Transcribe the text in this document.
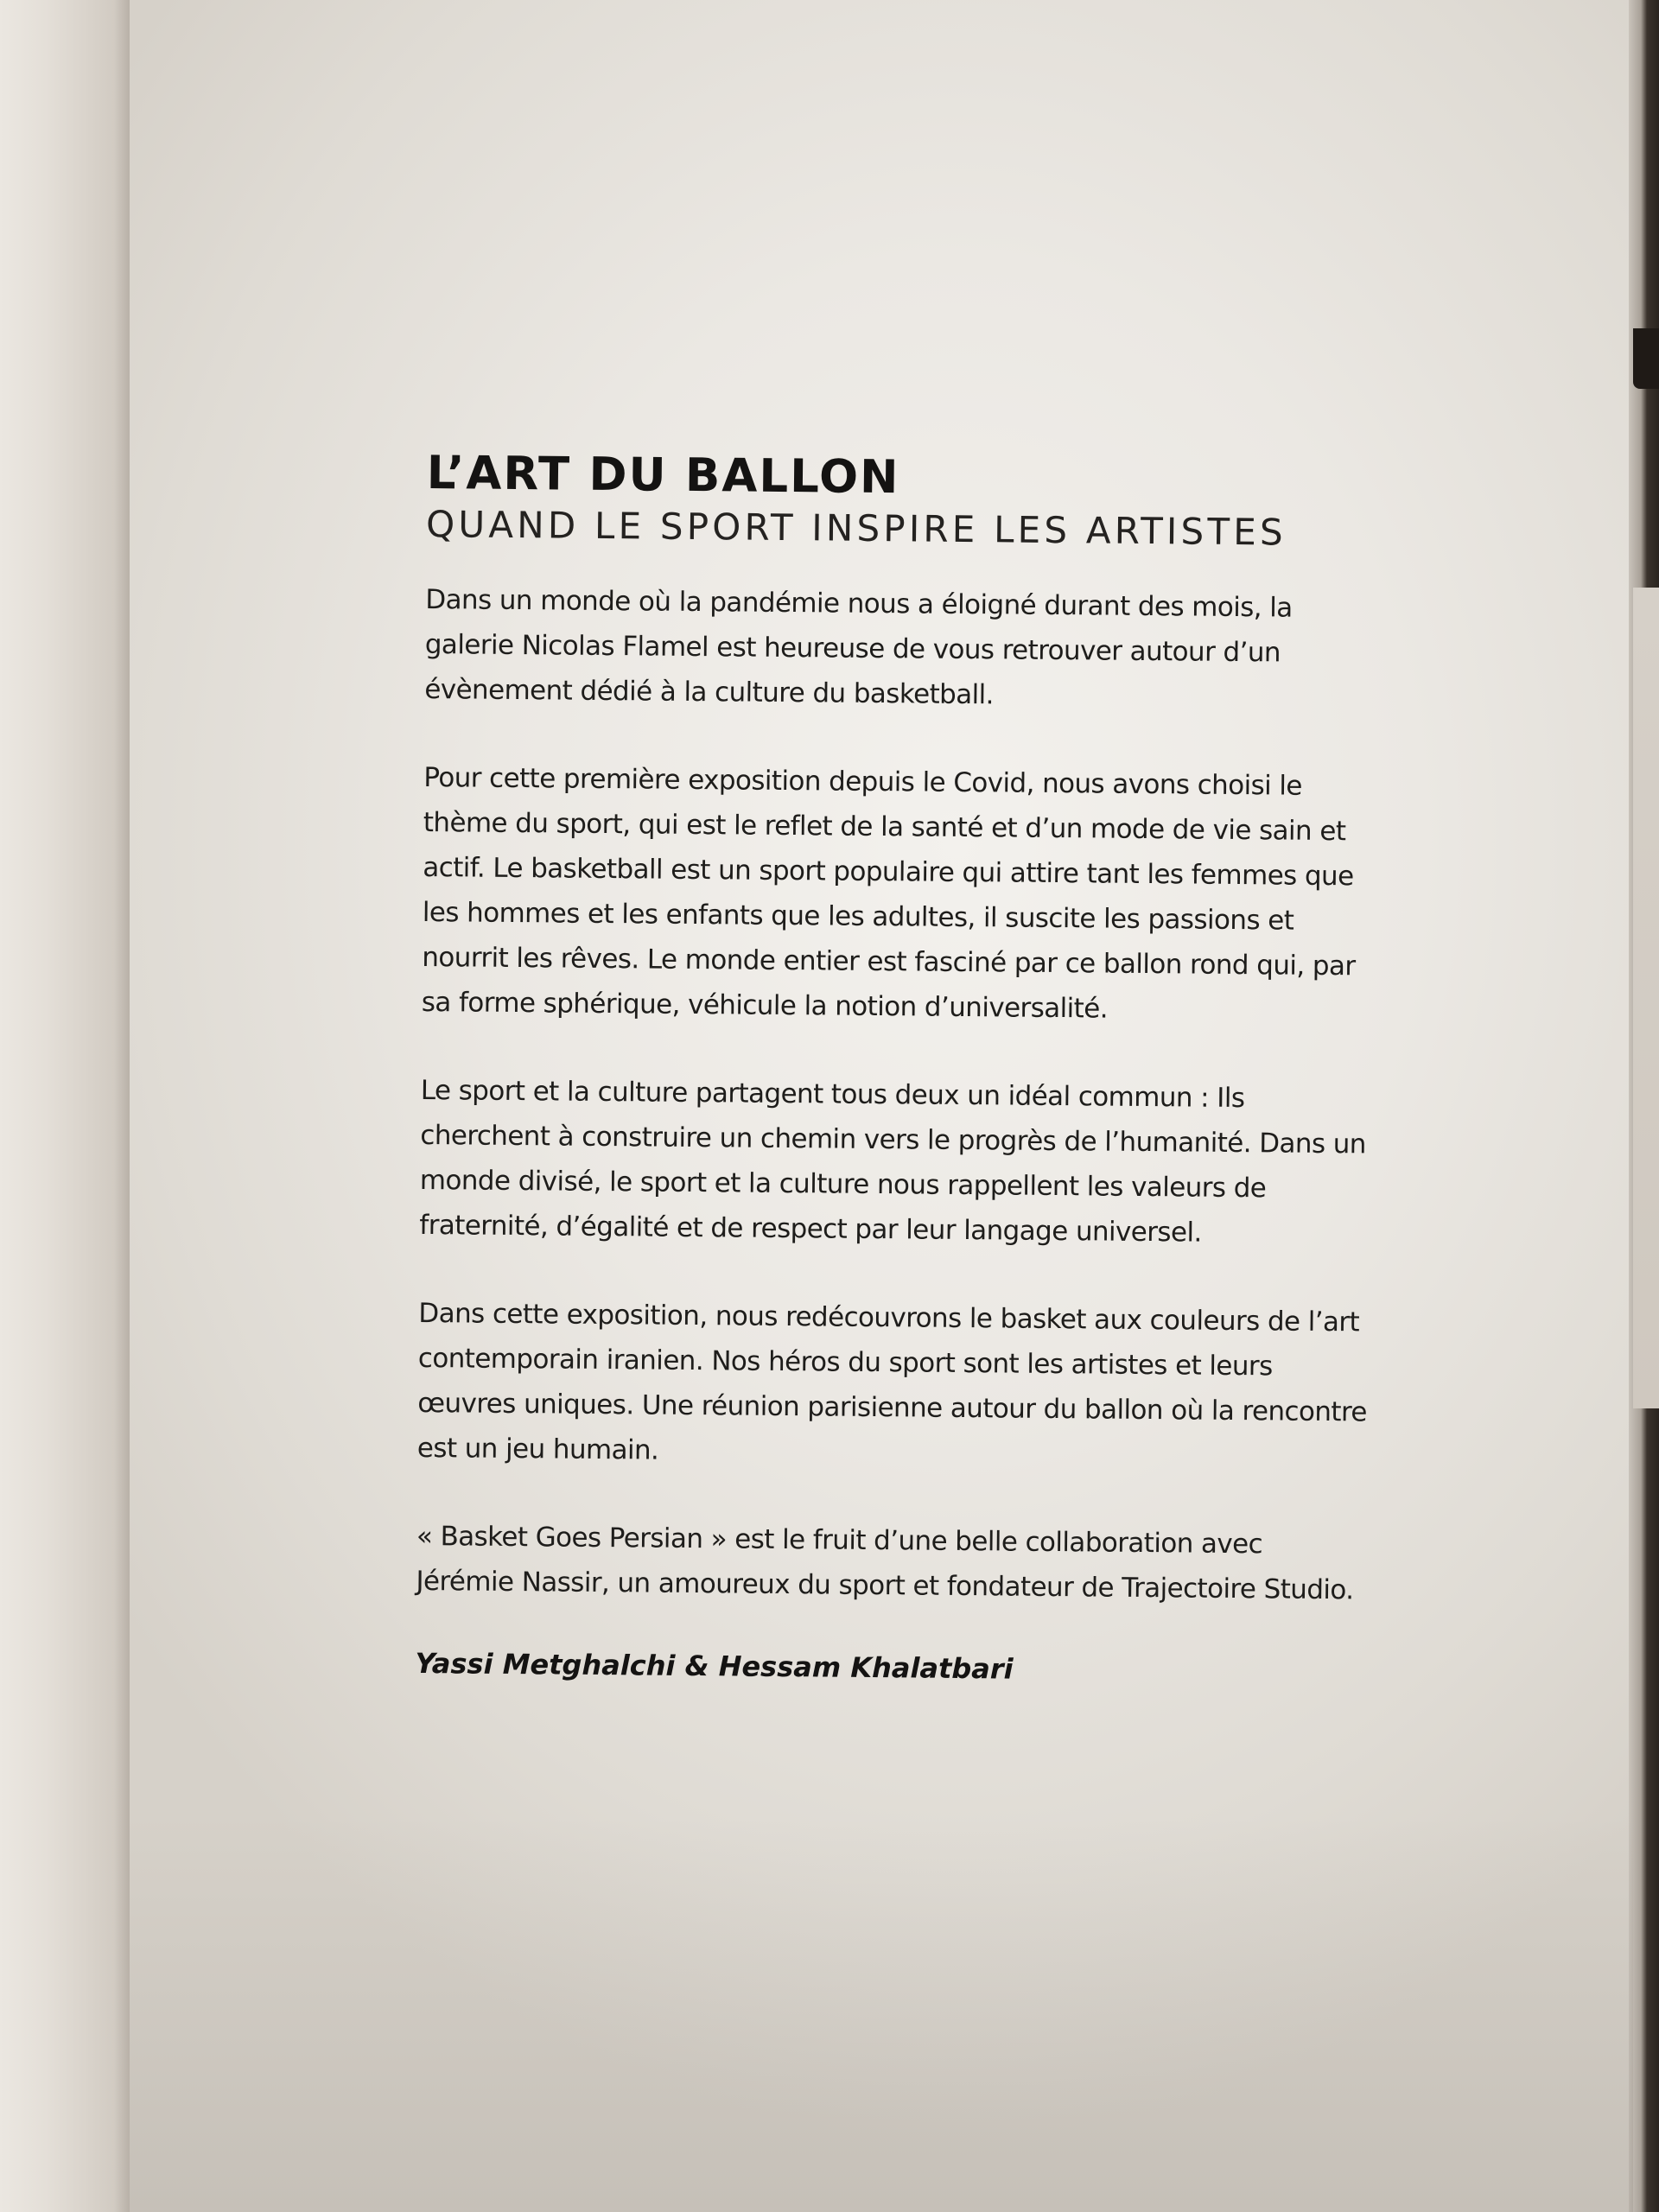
L’ART DU BALLON
QUAND LE SPORT INSPIRE LES ARTISTES

Dans un monde où la pandémie nous a éloigné durant des mois, la galerie Nicolas Flamel est heureuse de vous retrouver autour d’un évènement dédié à la culture du basketball.

Pour cette première exposition depuis le Covid, nous avons choisi le thème du sport, qui est le reflet de la santé et d’un mode de vie sain et actif. Le basketball est un sport populaire qui attire tant les femmes que les hommes et les enfants que les adultes, il suscite les passions et nourrit les rêves. Le monde entier est fasciné par ce ballon rond qui, par sa forme sphérique, véhicule la notion d’universalité.

Le sport et la culture partagent tous deux un idéal commun : Ils cherchent à construire un chemin vers le progrès de l’humanité. Dans un monde divisé, le sport et la culture nous rappellent les valeurs de fraternité, d’égalité et de respect par leur langage universel.

Dans cette exposition, nous redécouvrons le basket aux couleurs de l’art contemporain iranien. Nos héros du sport sont les artistes et leurs œuvres uniques. Une réunion parisienne autour du ballon où la rencontre est un jeu humain.

« Basket Goes Persian » est le fruit d’une belle collaboration avec Jérémie Nassir, un amoureux du sport et fondateur de Trajectoire Studio.

Yassi Metghalchi & Hessam Khalatbari
